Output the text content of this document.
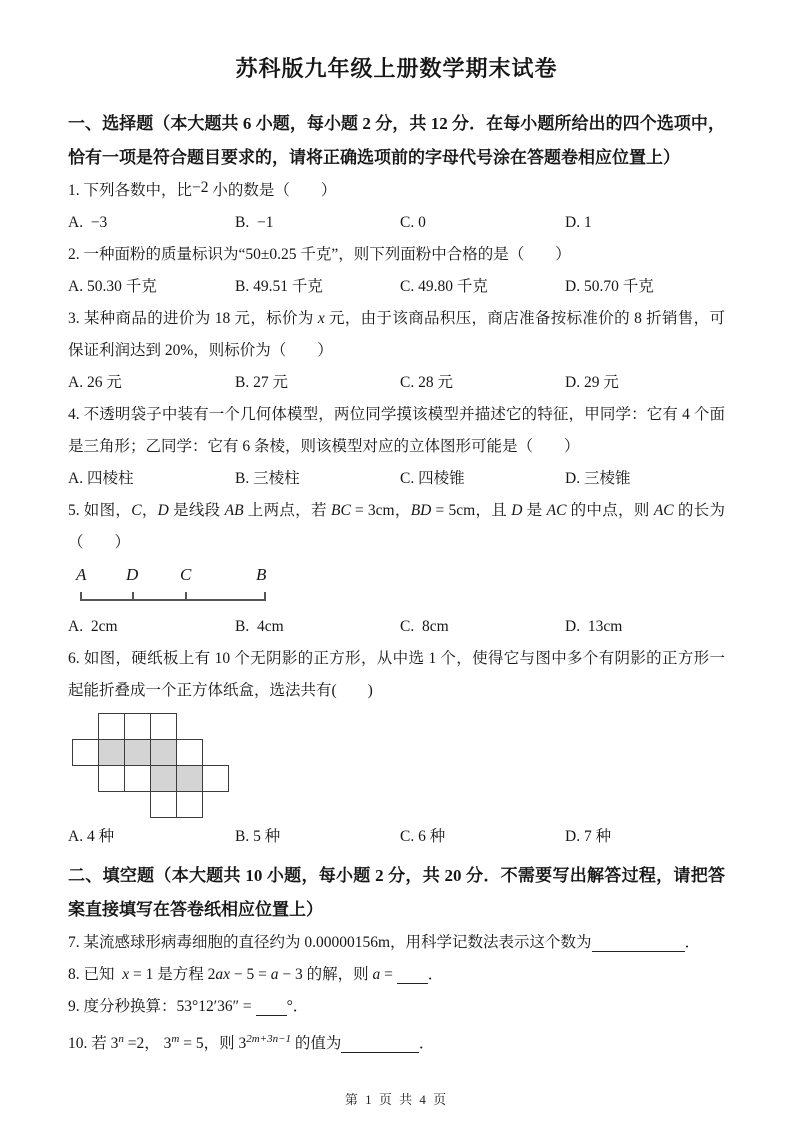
苏科版九年级上册数学期末试卷

一、选择题（本大题共 6 小题，每小题 2 分，共 12 分．在每小题所给出的四个选项中，恰有一项是符合题目要求的，请将正确选项前的字母代号涂在答题卷相应位置上）

1. 下列各数中，比−2 小的数是（　　）

A.  −3	B.  −1	C. 0	D. 1

2. 一种面粉的质量标识为“50±0.25 千克”，则下列面粉中合格的是（　　）

A. 50.30 千克	B. 49.51 千克	C. 49.80 千克	D. 50.70 千克

3. 某种商品的进价为 18 元，标价为 x 元，由于该商品积压，商店准备按标准价的 8 折销售，可保证利润达到 20%，则标价为（　　）

A. 26 元	B. 27 元	C. 28 元	D. 29 元

4. 不透明袋子中装有一个几何体模型，两位同学摸该模型并描述它的特征，甲同学：它有 4 个面是三角形；乙同学：它有 6 条棱，则该模型对应的立体图形可能是（　　）

A. 四棱柱	B. 三棱柱	C. 四棱锥	D. 三棱锥

5. 如图，C，D 是线段 AB 上两点，若 BC = 3cm，BD = 5cm，且 D 是 AC 的中点，则 AC 的长为（　　）

A D C	B
A.  2cm	B.  4cm	C.  8cm	D.  13cm

6. 如图，硬纸板上有 10 个无阴影的正方形，从中选 1 个，使得它与图中多个有阴影的正方形一起能折叠成一个正方体纸盒，选法共有(　　)

A. 4 种	B. 5 种	C. 6 种	D. 7 种

二、填空题（本大题共 10 小题，每小题 2 分，共 20 分．不需要写出解答过程，请把答案直接填写在答卷纸相应位置上）

7. 某流感球形病毒细胞的直径约为 0.00000156m，用科学记数法表示这个数为　　　　　　	．

8. 已知  x = 1 是方程 2ax − 5 = a − 3 的解，则 a = 　　．

9. 度分秒换算：53°12′36″ = 　　°．

10. 若 $3^n =2$， $3^m = 5$，则 $3^{2m+3n-1}$ 的值为　　　　　	．

第 1 页 共 4 页
